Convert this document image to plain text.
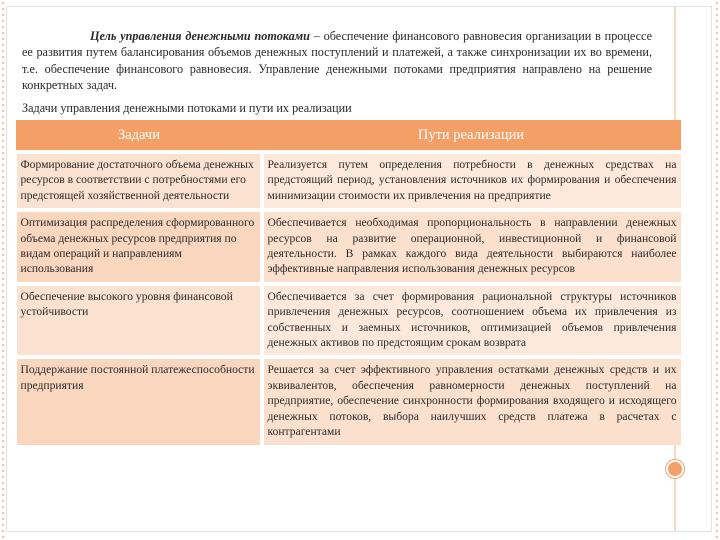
Цель управления денежными потоками – обеспечение финансового равновесия организации в процессе ее развития путем балансирования объемов денежных поступлений и платежей, а также синхронизации их во времени, т.е. обеспечение финансового равновесия. Управление денежными потоками предприятия направлено на решение конкретных задач.
Задачи управления денежными потоками и пути их реализации
Задачи	Пути реализации
Формирование достаточного объема денежных ресурсов в соответствии с потребностями его предстоящей хозяйственной деятельности	Реализуется путем определения потребности в денежных средствах на предстоящий период, установления источников их формирования и обеспечения минимизации стоимости их привлечения на предприятие
Оптимизация распределения сформированного объема денежных ресурсов предприятия по видам операций и направлениям использования	Обеспечивается необходимая пропорциональность в направлении денежных ресурсов на развитие операционной, инвестиционной и финансовой деятельности. В рамках каждого вида деятельности выбираются наиболее эффективные направления использования денежных ресурсов
Обеспечение высокого уровня финансовой устойчивости	Обеспечивается за счет формирования рациональной структуры источников привлечения денежных ресурсов, соотношением объема их привлечения из собственных и заемных источников, оптимизацией объемов привлечения денежных активов по предстоящим срокам возврата
Поддержание постоянной платежеспособности предприятия	Решается за счет эффективного управления остатками денежных средств и их эквивалентов, обеспечения равномерности денежных поступлений на предприятие, обеспечение синхронности формирования входящего и исходящего денежных потоков, выбора наилучших средств платежа в расчетах с контрагентами
